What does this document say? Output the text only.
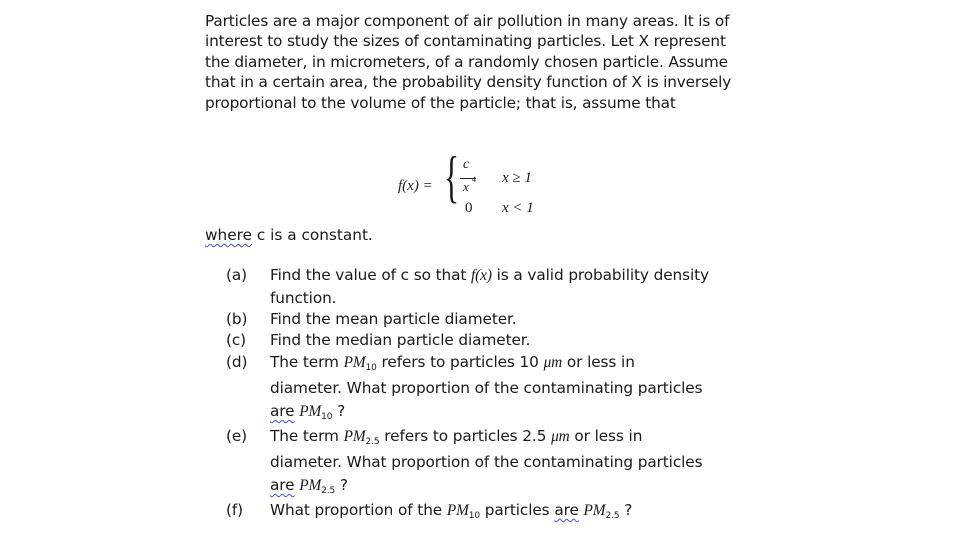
Particles are a major component of air pollution in many areas. It is of interest to study the sizes of contaminating particles. Let X represent the diameter, in micrometers, of a randomly chosen particle. Assume that in a certain area, the probability density function of X is inversely proportional to the volume of the particle; that is, assume that
f(x) = { c
x 4
0
x ≥ 1
x < 1
where c is a constant.
(a)	Find the value of c so that f(x) is a valid probability density function.
(b)	Find the mean particle diameter.
(c)	Find the median particle diameter.
(d)	The term PM10 refers to particles 10 μm or less in diameter. What proportion of the contaminating particles are PM10 ?
(e)	The term PM2.5 refers to particles 2.5 μm or less in diameter. What proportion of the contaminating particles are PM2.5 ?
(f)	What proportion of the PM10 particles are PM2.5 ?
